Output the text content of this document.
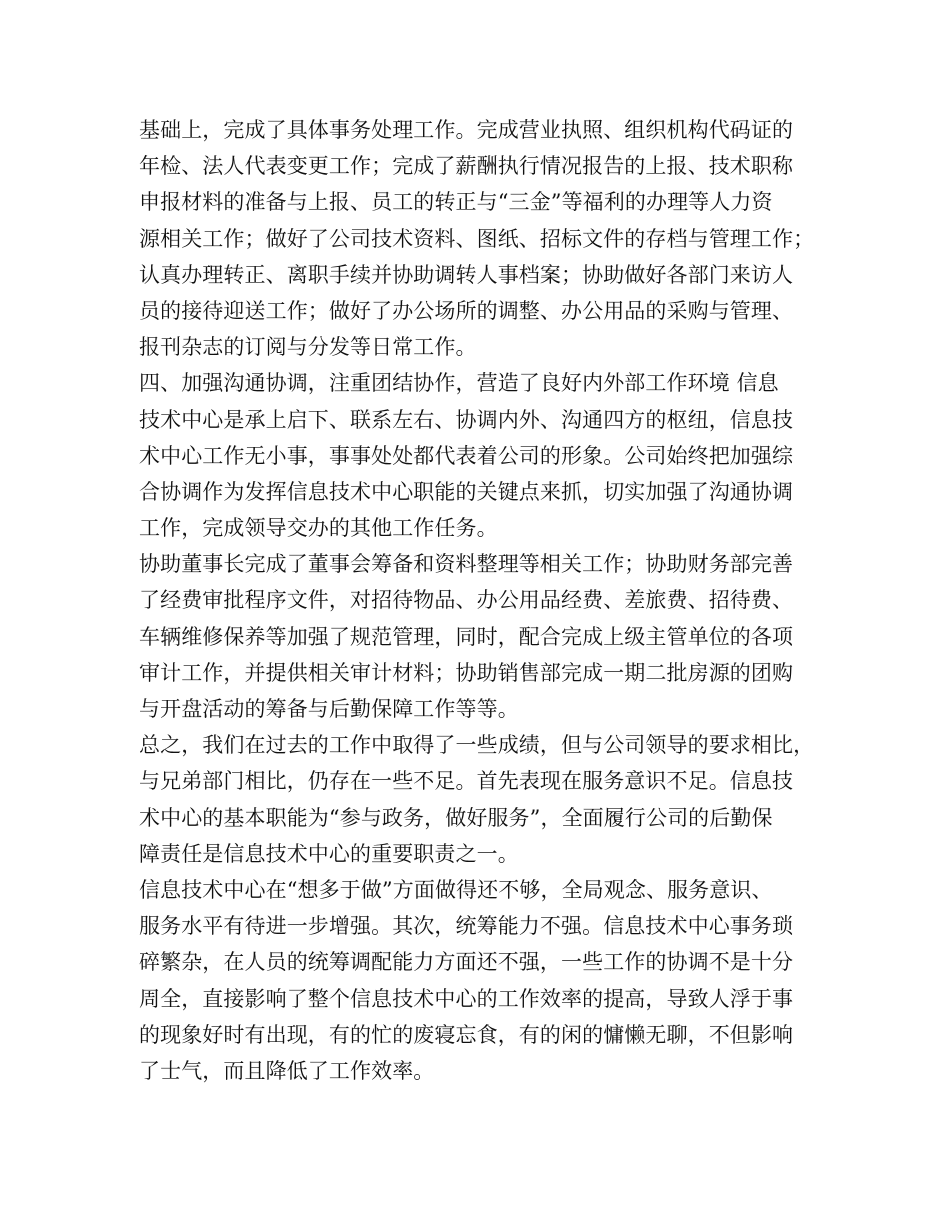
基础上，完成了具体事务处理工作。完成营业执照、组织机构代码证的
年检、法人代表变更工作；完成了薪酬执行情况报告的上报、技术职称
申报材料的准备与上报、员工的转正与“三金”等福利的办理等人力资
源相关工作；做好了公司技术资料、图纸、招标文件的存档与管理工作；
认真办理转正、离职手续并协助调转人事档案；协助做好各部门来访人
员的接待迎送工作；做好了办公场所的调整、办公用品的采购与管理、
报刊杂志的订阅与分发等日常工作。
四、加强沟通协调，注重团结协作，营造了良好内外部工作环境 信息
技术中心是承上启下、联系左右、协调内外、沟通四方的枢纽，信息技
术中心工作无小事，事事处处都代表着公司的形象。公司始终把加强综
合协调作为发挥信息技术中心职能的关键点来抓，切实加强了沟通协调
工作，完成领导交办的其他工作任务。
协助董事长完成了董事会筹备和资料整理等相关工作；协助财务部完善
了经费审批程序文件，对招待物品、办公用品经费、差旅费、招待费、
车辆维修保养等加强了规范管理，同时，配合完成上级主管单位的各项
审计工作，并提供相关审计材料；协助销售部完成一期二批房源的团购
与开盘活动的筹备与后勤保障工作等等。
总之，我们在过去的工作中取得了一些成绩，但与公司领导的要求相比，
与兄弟部门相比，仍存在一些不足。首先表现在服务意识不足。信息技
术中心的基本职能为“参与政务，做好服务”，全面履行公司的后勤保
障责任是信息技术中心的重要职责之一。
信息技术中心在“想多于做”方面做得还不够，全局观念、服务意识、
服务水平有待进一步增强。其次，统筹能力不强。信息技术中心事务琐
碎繁杂，在人员的统筹调配能力方面还不强，一些工作的协调不是十分
周全，直接影响了整个信息技术中心的工作效率的提高，导致人浮于事
的现象好时有出现，有的忙的废寝忘食，有的闲的慵懒无聊，不但影响
了士气，而且降低了工作效率。
